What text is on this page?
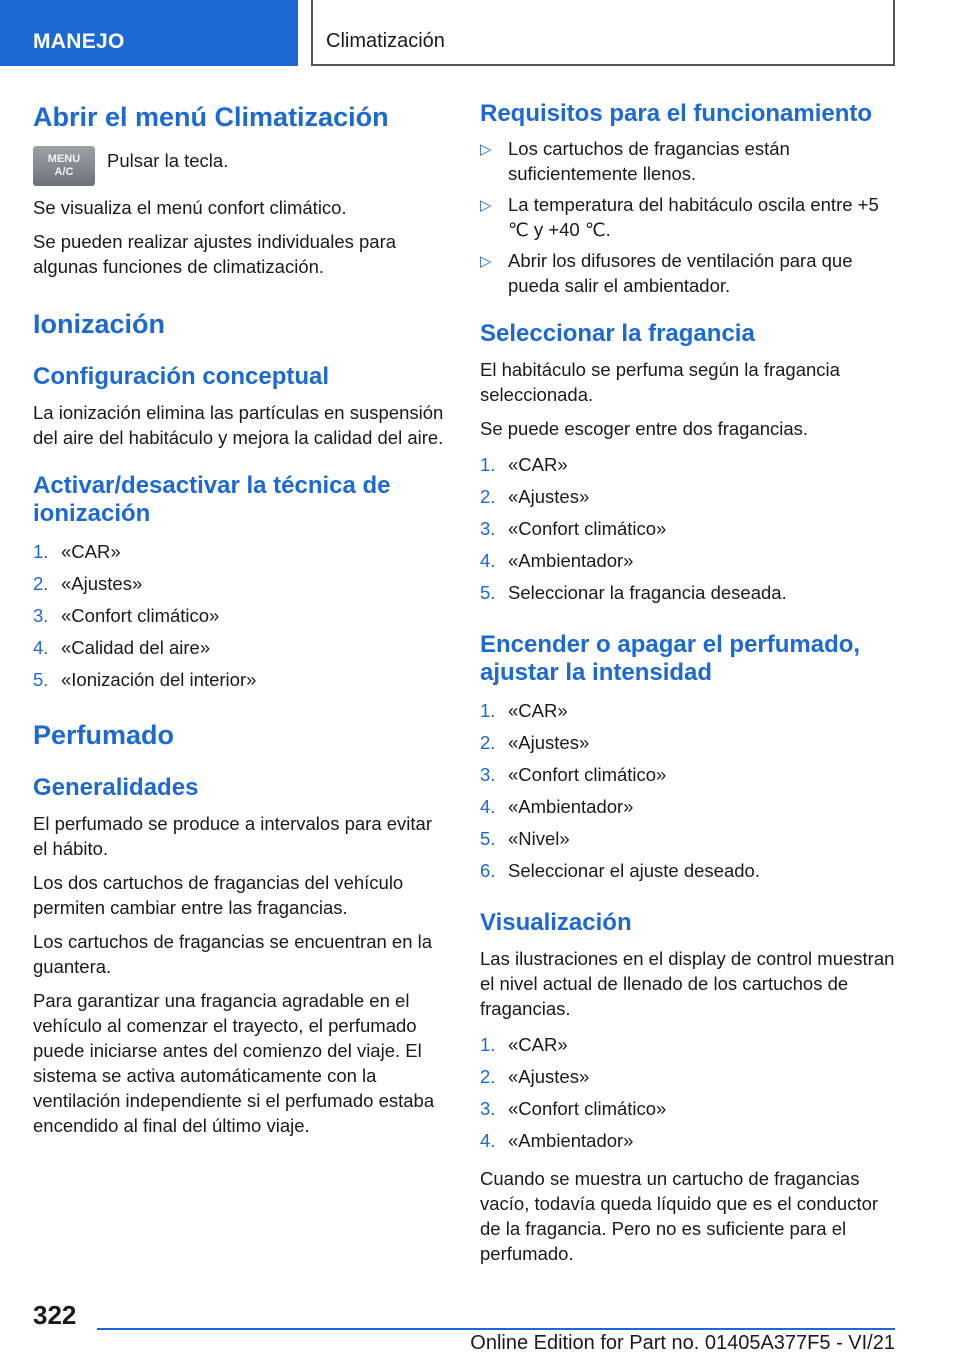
MANEJO	Climatización
Abrir el menú Climatización
MENU
A/C

Pulsar la tecla.

Se visualiza el menú confort climático.

Se pueden realizar ajustes individuales para algunas funciones de climatización.

Ionización
Configuración conceptual

La ionización elimina las partículas en suspensión del aire del habitáculo y mejora la calidad del aire.

Activar/desactivar la técnica de ionización
1. «CAR»
2. «Ajustes»
3. «Confort climático»
4. «Calidad del aire»
5. «Ionización del interior»
Perfumado
Generalidades

El perfumado se produce a intervalos para evitar el hábito.

Los dos cartuchos de fragancias del vehículo permiten cambiar entre las fragancias.

Los cartuchos de fragancias se encuentran en la guantera.

Para garantizar una fragancia agradable en el vehículo al comenzar el trayecto, el perfumado puede iniciarse antes del comienzo del viaje. El sistema se activa automáticamente con la ventilación independiente si el perfumado estaba encendido al final del último viaje.

Requisitos para el funcionamiento
▷ Los cartuchos de fragancias están suficientemente llenos.
▷ La temperatura del habitáculo oscila entre +5 ℃ y +40 ℃.
▷ Abrir los difusores de ventilación para que pueda salir el ambientador.
Seleccionar la fragancia

El habitáculo se perfuma según la fragancia seleccionada.

Se puede escoger entre dos fragancias.

1. «CAR»
2. «Ajustes»
3. «Confort climático»
4. «Ambientador»
5. Seleccionar la fragancia deseada.
Encender o apagar el perfumado, ajustar la intensidad
1. «CAR»
2. «Ajustes»
3. «Confort climático»
4. «Ambientador»
5. «Nivel»
6. Seleccionar el ajuste deseado.
Visualización

Las ilustraciones en el display de control muestran el nivel actual de llenado de los cartuchos de fragancias.

1. «CAR»
2. «Ajustes»
3. «Confort climático»
4. «Ambientador»

Cuando se muestra un cartucho de fragancias vacío, todavía queda líquido que es el conductor de la fragancia. Pero no es suficiente para el perfumado.

322
Online Edition for Part no. 01405A377F5 - VI/21
